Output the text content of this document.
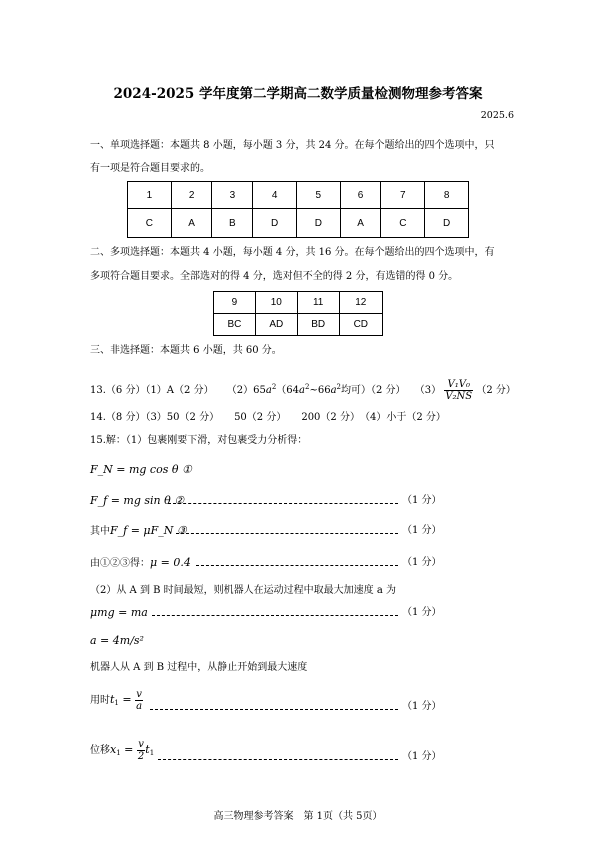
2024-2025 学年度第二学期高二数学质量检测物理参考答案
2025.6
一、单项选择题：本题共 8 小题，每小题 3 分，共 24 分。在每个题给出的四个选项中，只
有一项是符合题目要求的。
1	2	3	4	5	6	7	8
C	A	B	D	D	A	C	D
二、多项选择题：本题共 4 小题，每小题 4 分，共 16 分。在每个题给出的四个选项中，有
多项符合题目要求。全部选对的得 4 分，选对但不全的得 2 分，有选错的得 0 分。
9	10	11	12
BC	AD	BD	CD
三、非选择题：本题共 6 小题，共 60 分。
13.（6 分）（1）A（2 分） $(2)65a^2(64a^2\sim 66a^2$均可）（2 分） $(3) \frac{\text{V₁V₀}}{\text{V₂NS}} (2$ 分）
14.（8 分）（3）50（2 分）　　50（2 分）　　200（2 分）　（4）小于（2 分）
15.解：（1）包裹刚要下滑，对包裹受力分析得：
F_N = mg cos θ ①
F_f = mg sin θ ②	（1 分）
其中F_f = μF_N ③	（1 分）
由①②③得：μ = 0.4	（1 分）
（2）从 A 到 B 时间最短，则机器人在运动过程中取最大加速度 a 为
μmg = ma	（1 分）
a = 4m/s²
机器人从 A 到 B 过程中，从静止开始到最大速度
用时$t_1 = \frac{v}{a}$	（1 分）
位移$x_1 = \frac{v}{2} t_1$	（1 分）
高三物理参考答案　第 1页（共 5页）
